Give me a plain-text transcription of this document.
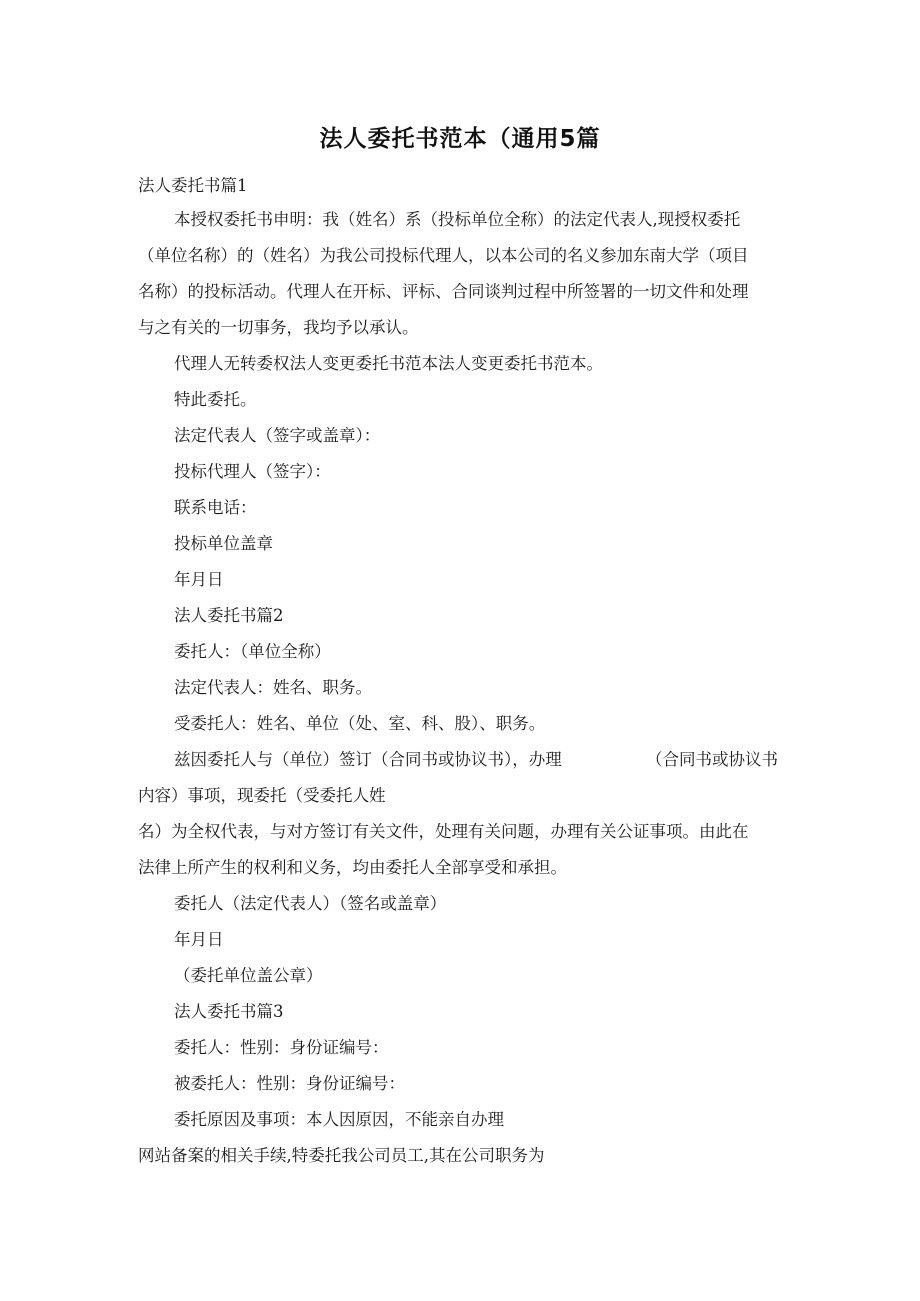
法人委托书范本（通用5篇
法人委托书篇1
本授权委托书申明：我（姓名）系（投标单位全称）的法定代表人,现授权委托
（单位名称）的（姓名）为我公司投标代理人，以本公司的名义参加东南大学（项目
名称）的投标活动。代理人在开标、评标、合同谈判过程中所签署的一切文件和处理
与之有关的一切事务，我均予以承认。
代理人无转委权法人变更委托书范本法人变更委托书范本。
特此委托。
法定代表人（签字或盖章）：
投标代理人（签字）：
联系电话：
投标单位盖章
年月日
法人委托书篇2
委托人：（单位全称）
法定代表人：姓名、职务。
受委托人：姓名、单位（处、室、科、股）、职务。
兹因委托人与（单位）签订（合同书或协议书），办理	（合同书或协议书
内容）事项，现委托（受委托人姓
名）为全权代表，与对方签订有关文件，处理有关问题，办理有关公证事项。由此在
法律上所产生的权利和义务，均由委托人全部享受和承担。
委托人（法定代表人）（签名或盖章）
年月日
（委托单位盖公章）
法人委托书篇3
委托人：性别：身份证编号：
被委托人：性别：身份证编号：
委托原因及事项：本人因原因，不能亲自办理
网站备案的相关手续,特委托我公司员工,其在公司职务为
